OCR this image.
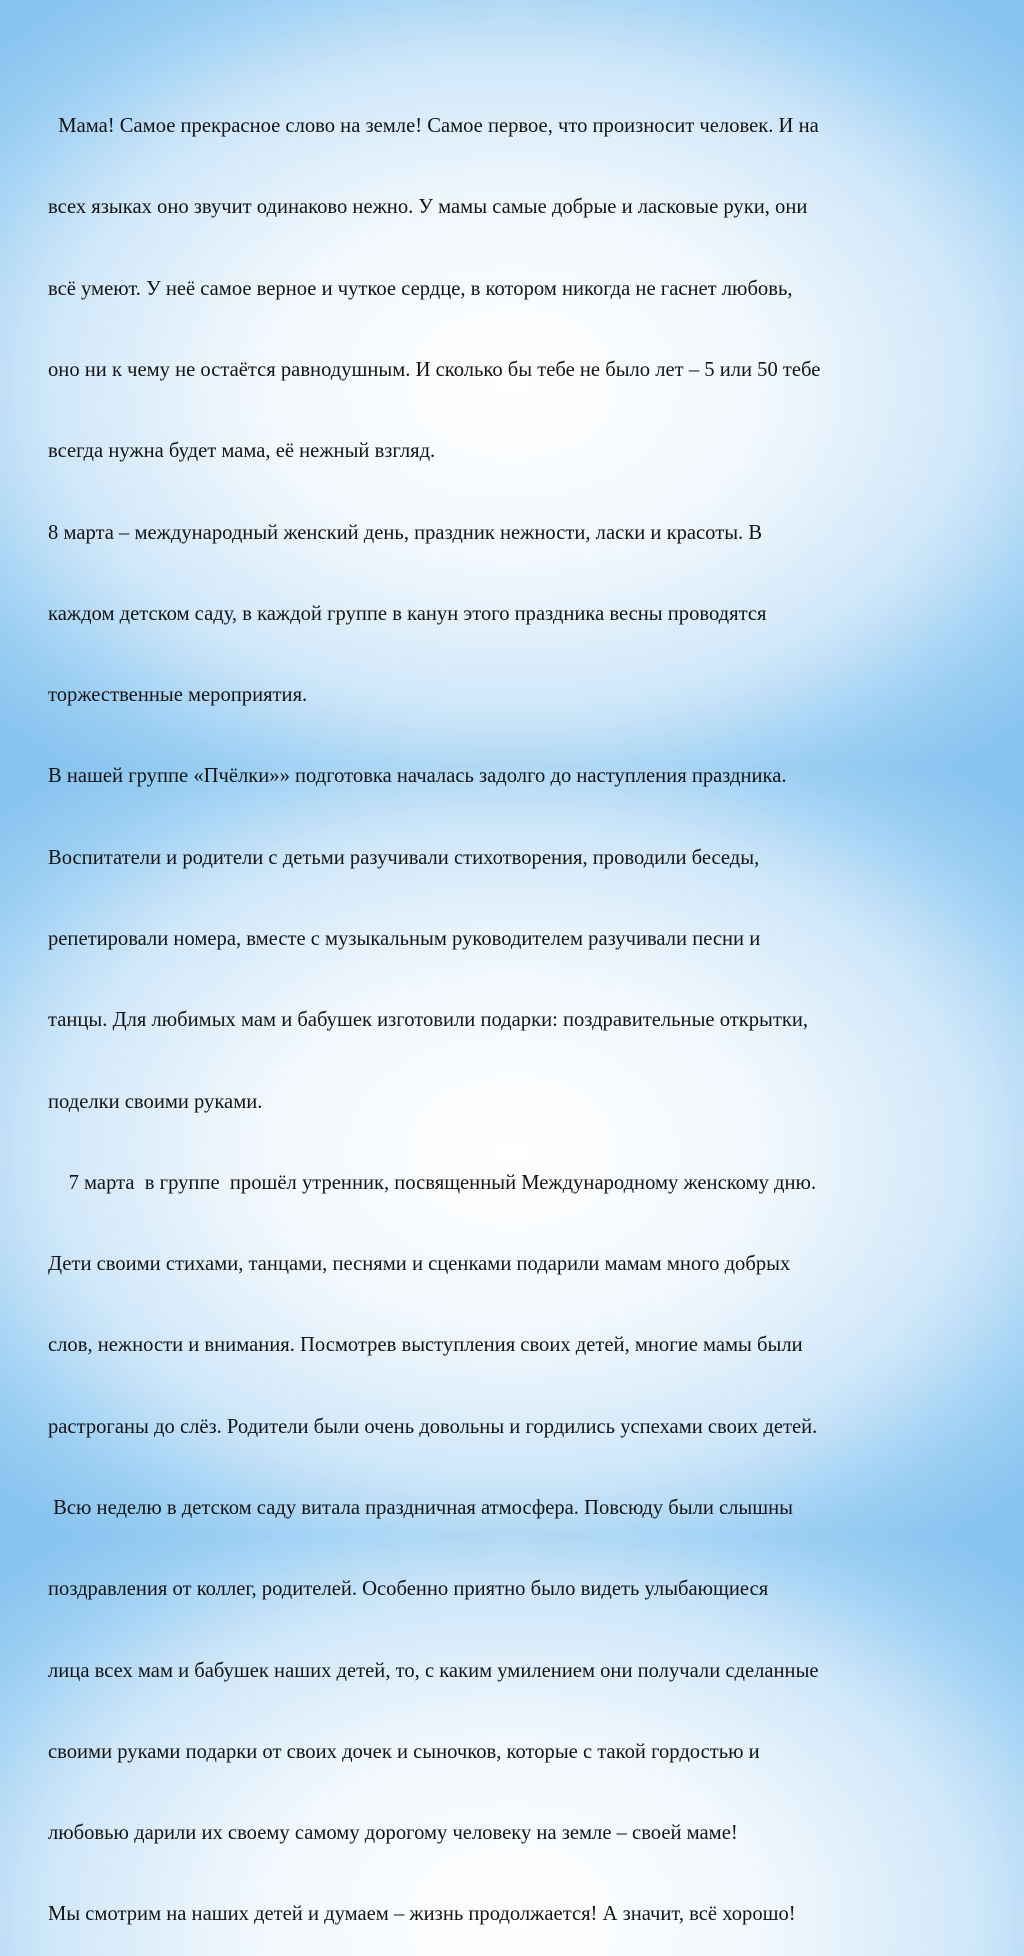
Мама! Самое прекрасное слово на земле! Самое первое, что произносит человек. И на

всех языках оно звучит одинаково нежно. У мамы самые добрые и ласковые руки, они

всё умеют. У неё самое верное и чуткое сердце, в котором никогда не гаснет любовь,

оно ни к чему не остаётся равнодушным. И сколько бы тебе не было лет – 5 или 50 тебе

всегда нужна будет мама, её нежный взгляд.

8 марта – международный женский день, праздник нежности, ласки и красоты. В

каждом детском саду, в каждой группе в канун этого праздника весны проводятся

торжественные мероприятия.

В нашей группе «Пчёлки»» подготовка началась задолго до наступления праздника.

Воспитатели и родители с детьми разучивали стихотворения, проводили беседы,

репетировали номера, вместе с музыкальным руководителем разучивали песни и

танцы. Для любимых мам и бабушек изготовили подарки: поздравительные открытки,

поделки своими руками.

7 марта  в группе  прошёл утренник, посвященный Международному женскому дню.

Дети своими стихами, танцами, песнями и сценками подарили мамам много добрых

слов, нежности и внимания. Посмотрев выступления своих детей, многие мамы были

растроганы до слёз. Родители были очень довольны и гордились успехами своих детей.

Всю неделю в детском саду витала праздничная атмосфера. Повсюду были слышны

поздравления от коллег, родителей. Особенно приятно было видеть улыбающиеся

лица всех мам и бабушек наших детей, то, с каким умилением они получали сделанные

своими руками подарки от своих дочек и сыночков, которые с такой гордостью и

любовью дарили их своему самому дорогому человеку на земле – своей маме!

Мы смотрим на наших детей и думаем – жизнь продолжается! А значит, всё хорошо!
